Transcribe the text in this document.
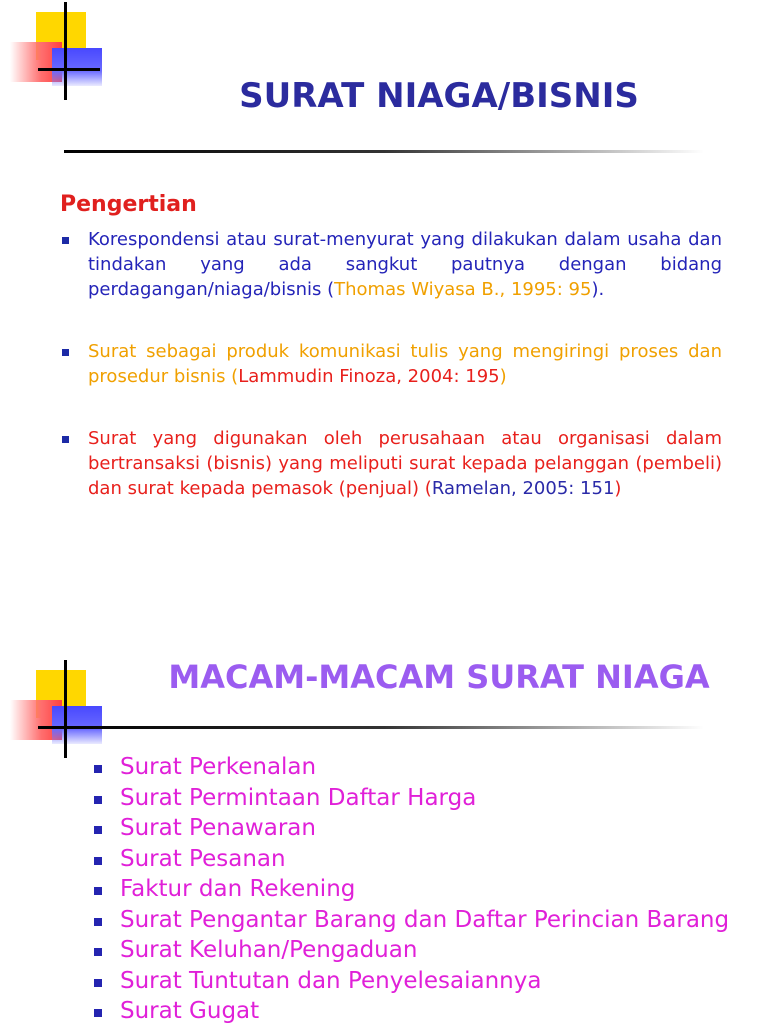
SURAT NIAGA/BISNIS
Pengertian
Korespondensi atau surat-menyurat yang dilakukan dalam usaha dan tindakan yang ada sangkut pautnya dengan bidang perdagangan/niaga/bisnis (Thomas Wiyasa B., 1995: 95).
Surat sebagai produk komunikasi tulis yang mengiringi proses dan prosedur bisnis (Lammudin Finoza, 2004: 195)
Surat yang digunakan oleh perusahaan atau organisasi dalam bertransaksi (bisnis) yang meliputi surat kepada pelanggan (pembeli) dan surat kepada pemasok (penjual) (Ramelan, 2005: 151)
MACAM-MACAM SURAT NIAGA
Surat Perkenalan
Surat Permintaan Daftar Harga
Surat Penawaran
Surat Pesanan
Faktur dan Rekening
Surat Pengantar Barang dan Daftar Perincian Barang
Surat Keluhan/Pengaduan
Surat Tuntutan dan Penyelesaiannya
Surat Gugat
